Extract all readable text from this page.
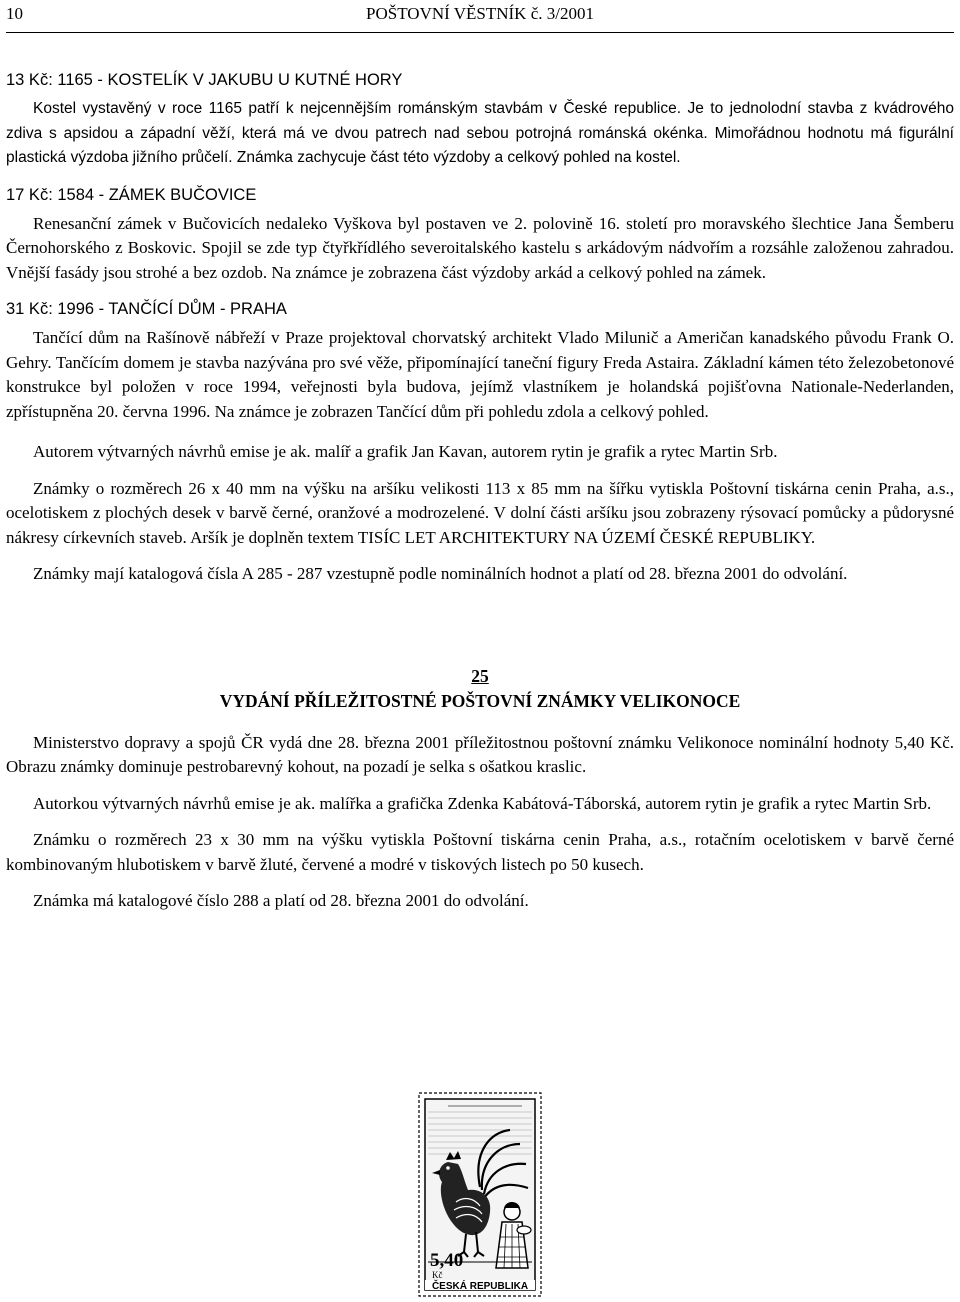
10	POŠTOVNÍ VĚSTNÍK č. 3/2001

13 Kč: 1165 - KOSTELÍK V JAKUBU U KUTNÉ HORY

Kostel vystavěný v roce 1165 patří k nejcennějším románským stavbám v České republice. Je to jednolodní stavba z kvádrového zdiva s apsidou a západní věží, která má ve dvou patrech nad sebou potrojná románská okénka. Mimořádnou hodnotu má figurální plastická výzdoba jižního průčelí. Známka zachycuje část této výzdoby a celkový pohled na kostel.

17 Kč: 1584 - ZÁMEK BUČOVICE

Renesanční zámek v Bučovicích nedaleko Vyškova byl postaven ve 2. polovině 16. století pro moravského šlechtice Jana Šemberu Černohorského z Boskovic. Spojil se zde typ čtyřkřídlého severoitalského kastelu s arkádovým nádvořím a rozsáhle založenou zahradou. Vnější fasády jsou strohé a bez ozdob. Na známce je zobrazena část výzdoby arkád a celkový pohled na zámek.

31 Kč: 1996 - TANČÍCÍ DŮM - PRAHA

Tančící dům na Rašínově nábřeží v Praze projektoval chorvatský architekt Vlado Milunič a Američan kanadského původu Frank O. Gehry. Tančícím domem je stavba nazývána pro své věže, připomínající taneční figury Freda Astaira. Základní kámen této železobetonové konstrukce byl položen v roce 1994, veřejnosti byla budova, jejímž vlastníkem je holandská pojišťovna Nationale-Nederlanden, zpřístupněna 20. června 1996. Na známce je zobrazen Tančící dům při pohledu zdola a celkový pohled.

Autorem výtvarných návrhů emise je ak. malíř a grafik Jan Kavan, autorem rytin je grafik a rytec Martin Srb.

Známky o rozměrech 26 x 40 mm na výšku na aršíku velikosti 113 x 85 mm na šířku vytiskla Poštovní tiskárna cenin Praha, a.s., ocelotiskem z plochých desek v barvě černé, oranžové a modrozelené. V dolní části aršíku jsou zobrazeny rýsovací pomůcky a půdorysné nákresy církevních staveb. Aršík je doplněn textem TISÍC LET ARCHITEKTURY NA ÚZEMÍ ČESKÉ REPUBLIKY.

Známky mají katalogová čísla A 285 - 287 vzestupně podle nominálních hodnot a platí od 28. března 2001 do odvolání.

25

VYDÁNÍ PŘÍLEŽITOSTNÉ POŠTOVNÍ ZNÁMKY VELIKONOCE

Ministerstvo dopravy a spojů ČR vydá dne 28. března 2001 příležitostnou poštovní známku Velikonoce nominální hodnoty 5,40 Kč. Obrazu známky dominuje pestrobarevný kohout, na pozadí je selka s ošatkou kraslic.

Autorkou výtvarných návrhů emise je ak. malířka a grafička Zdenka Kabátová-Táborská, autorem rytin je grafik a rytec Martin Srb.

Známku o rozměrech 23 x 30 mm na výšku vytiskla Poštovní tiskárna cenin Praha, a.s., rotačním ocelotiskem v barvě černé kombinovaným hlubotiskem v barvě žluté, červené a modré v tiskových listech po 50 kusech.

Známka má katalogové číslo 288 a platí od 28. března 2001 do odvolání.

5,40
Kč
ČESKÁ REPUBLIKA
